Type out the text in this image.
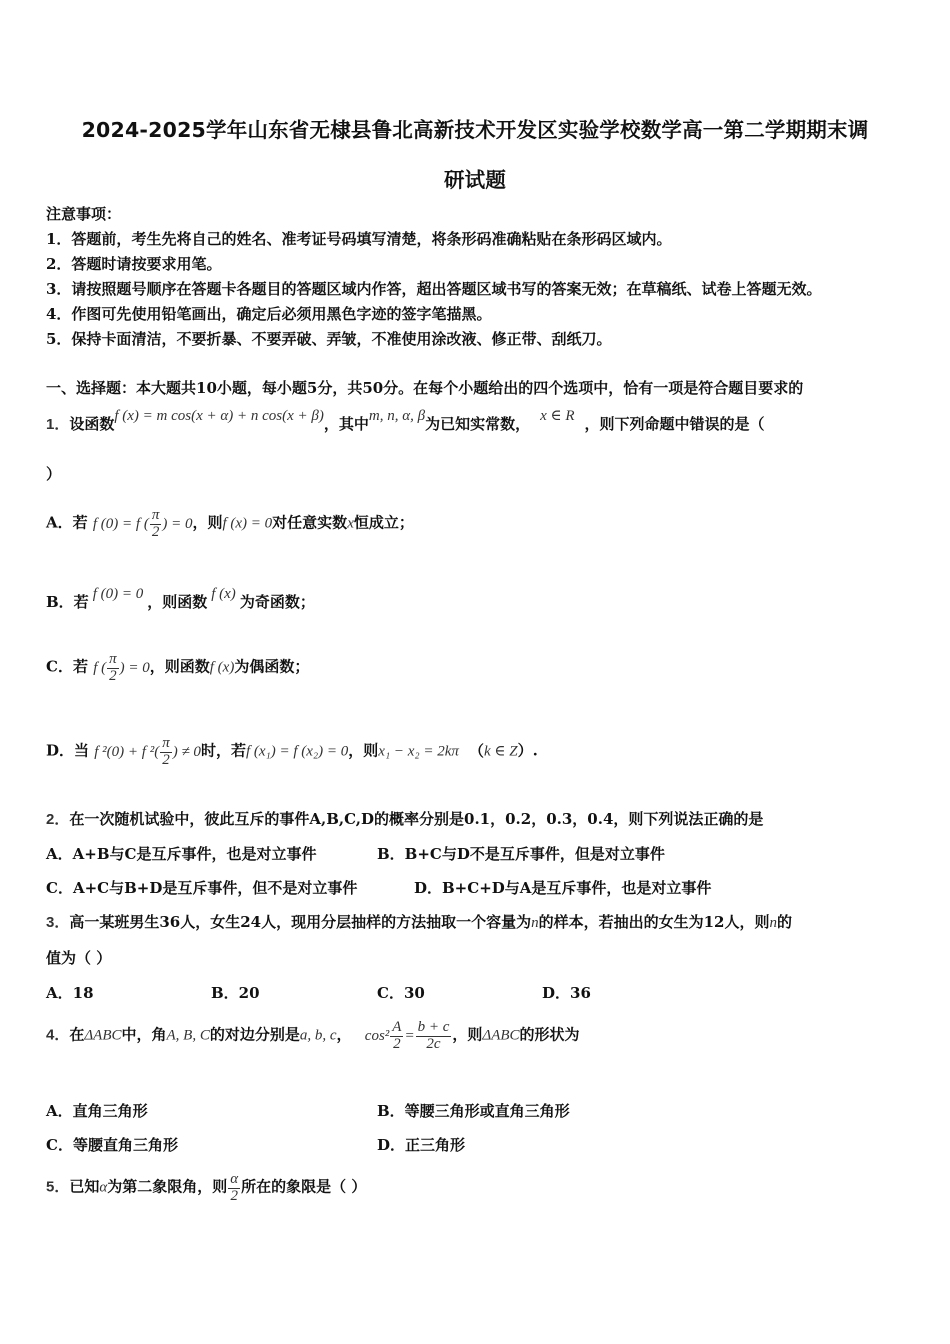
2024-2025学年山东省无棣县鲁北高新技术开发区实验学校数学高一第二学期期末调
研试题
注意事项：
1．答题前，考生先将自己的姓名、准考证号码填写清楚，将条形码准确粘贴在条形码区域内。
2．答题时请按要求用笔。
3．请按照题号顺序在答题卡各题目的答题区域内作答，超出答题区域书写的答案无效；在草稿纸、试卷上答题无效。
4．作图可先使用铅笔画出，确定后必须用黑色字迹的签字笔描黑。
5．保持卡面清洁，不要折暴、不要弄破、弄皱，不准使用涂改液、修正带、刮纸刀。
一、选择题：本大题共10小题，每小题5分，共50分。在每个小题给出的四个选项中，恰有一项是符合题目要求的
1．设函数f (x) = m cos(x + α) + n cos(x + β)，其中m, n, α, β为已知实常数， x ∈ R ，则下列命题中错误的是（
）
A．若 f (0) = f ( $\frac{\pi}{2}$ ) = 0，则f (x) = 0对任意实数x恒成立；
B．若 f (0) = 0 ，则函数 f (x) 为奇函数；
C．若 f ( $\frac{\pi}{2}$ ) = 0，则函数f (x)为偶函数；
D．当 f ²(0) + f $^2( \frac{\pi}{2}$ ) ≠ 0时，若f (x₁) = f (x₂) = 0，则x₁ − x₂ = 2kπ （k ∈ Z）.
2．在一次随机试验中，彼此互斥的事件A,B,C,D的概率分别是0.1，0.2，0.3，0.4，则下列说法正确的是
A．A+B与C是互斥事件，也是对立事件	B．B+C与D不是互斥事件，但是对立事件
C．A+C与B+D是互斥事件，但不是对立事件	D．B+C+D与A是互斥事件，也是对立事件
3．高一某班男生36人，女生24人，现用分层抽样的方法抽取一个容量为n的样本，若抽出的女生为12人，则n的
值为（ ）
A．18	B．20	C．30	D．36
4．在ΔABC中，角A, B, C的对边分别是a, b, c， $\cos^2 \frac{A}{2} = \frac{b + c}{2c}$ ，则ΔABC的形状为
A．直角三角形	B．等腰三角形或直角三角形
C．等腰直角三角形	D．正三角形
5．已知α为第二象限角，则 $\frac{\alpha}{2}$ 所在的象限是（ ）
